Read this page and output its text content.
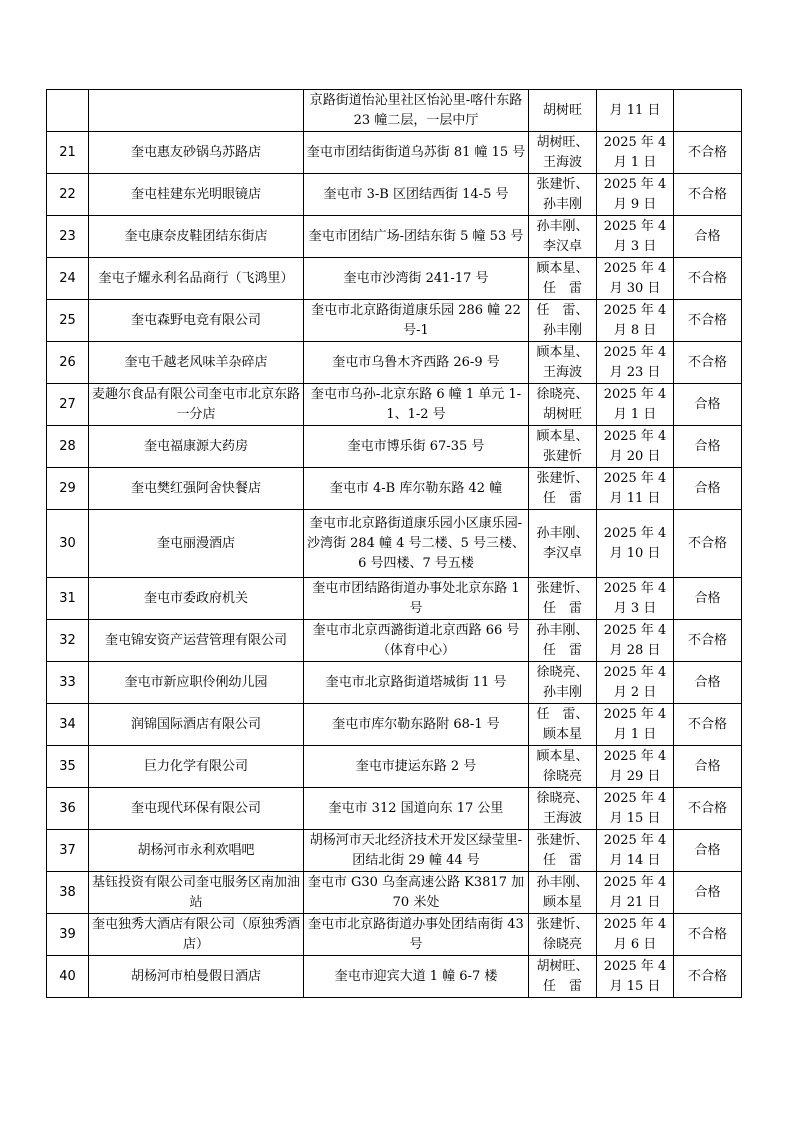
		京路街道怡沁里社区怡沁里-喀什东路 23 幢二层，一层中厅	胡树旺	月 11 日	
21	奎屯惠友砂锅乌苏路店	奎屯市团结街街道乌苏街 81 幢 15 号	胡树旺、王海波	2025 年 4 月 1 日	不合格
22	奎屯桂建东光明眼镜店	奎屯市 3-B 区团结西街 14-5 号	张建忻、孙丰刚	2025 年 4 月 9 日	不合格
23	奎屯康奈皮鞋团结东街店	奎屯市团结广场-团结东街 5 幢 53 号	孙丰刚、李汉卓	2025 年 4 月 3 日	合格
24	奎屯子耀永利名品商行（飞鸿里）	奎屯市沙湾街 241-17 号	顾本星、任　雷	2025 年 4 月 30 日	不合格
25	奎屯森野电竞有限公司	奎屯市北京路街道康乐园 286 幢 22 号-1	任　雷、孙丰刚	2025 年 4 月 8 日	不合格
26	奎屯千越老风味羊杂碎店	奎屯市乌鲁木齐西路 26-9 号	顾本星、王海波	2025 年 4 月 23 日	不合格
27	麦趣尔食品有限公司奎屯市北京东路一分店	奎屯市乌孙-北京东路 6 幢 1 单元 1-1、1-2 号	徐晓亮、胡树旺	2025 年 4 月 1 日	合格
28	奎屯福康源大药房	奎屯市博乐街 67-35 号	顾本星、张建忻	2025 年 4 月 20 日	合格
29	奎屯樊红强阿舍快餐店	奎屯市 4-B 库尔勒东路 42 幢	张建忻、任　雷	2025 年 4 月 11 日	合格
30	奎屯丽漫酒店	奎屯市北京路街道康乐园小区康乐园-沙湾街 284 幢 4 号二楼、5 号三楼、6 号四楼、7 号五楼	孙丰刚、李汉卓	2025 年 4 月 10 日	不合格
31	奎屯市委政府机关	奎屯市团结路街道办事处北京东路 1 号	张建忻、任　雷	2025 年 4 月 3 日	合格
32	奎屯锦安资产运营管理有限公司	奎屯市北京西潞街道北京西路 66 号（体育中心）	孙丰刚、任　雷	2025 年 4 月 28 日	不合格
33	奎屯市新应职伶俐幼儿园	奎屯市北京路街道塔城街 11 号	徐晓亮、孙丰刚	2025 年 4 月 2 日	合格
34	润锦国际酒店有限公司	奎屯市库尔勒东路附 68-1 号	任　雷、顾本星	2025 年 4 月 1 日	不合格
35	巨力化学有限公司	奎屯市捷运东路 2 号	顾本星、徐晓亮	2025 年 4 月 29 日	合格
36	奎屯现代环保有限公司	奎屯市 312 国道向东 17 公里	徐晓亮、王海波	2025 年 4 月 15 日	不合格
37	胡杨河市永利欢唱吧	胡杨河市天北经济技术开发区绿莹里-团结北街 29 幢 44 号	张建忻、任　雷	2025 年 4 月 14 日	合格
38	基钰投资有限公司奎屯服务区南加油站	奎屯市 G30 乌奎高速公路 K3817 加 70 米处	孙丰刚、顾本星	2025 年 4 月 21 日	合格
39	奎屯独秀大酒店有限公司（原独秀酒店）	奎屯市北京路街道办事处团结南街 43 号	张建忻、徐晓亮	2025 年 4 月 6 日	不合格
40	胡杨河市柏曼假日酒店	奎屯市迎宾大道 1 幢 6-7 楼	胡树旺、任　雷	2025 年 4 月 15 日	不合格
